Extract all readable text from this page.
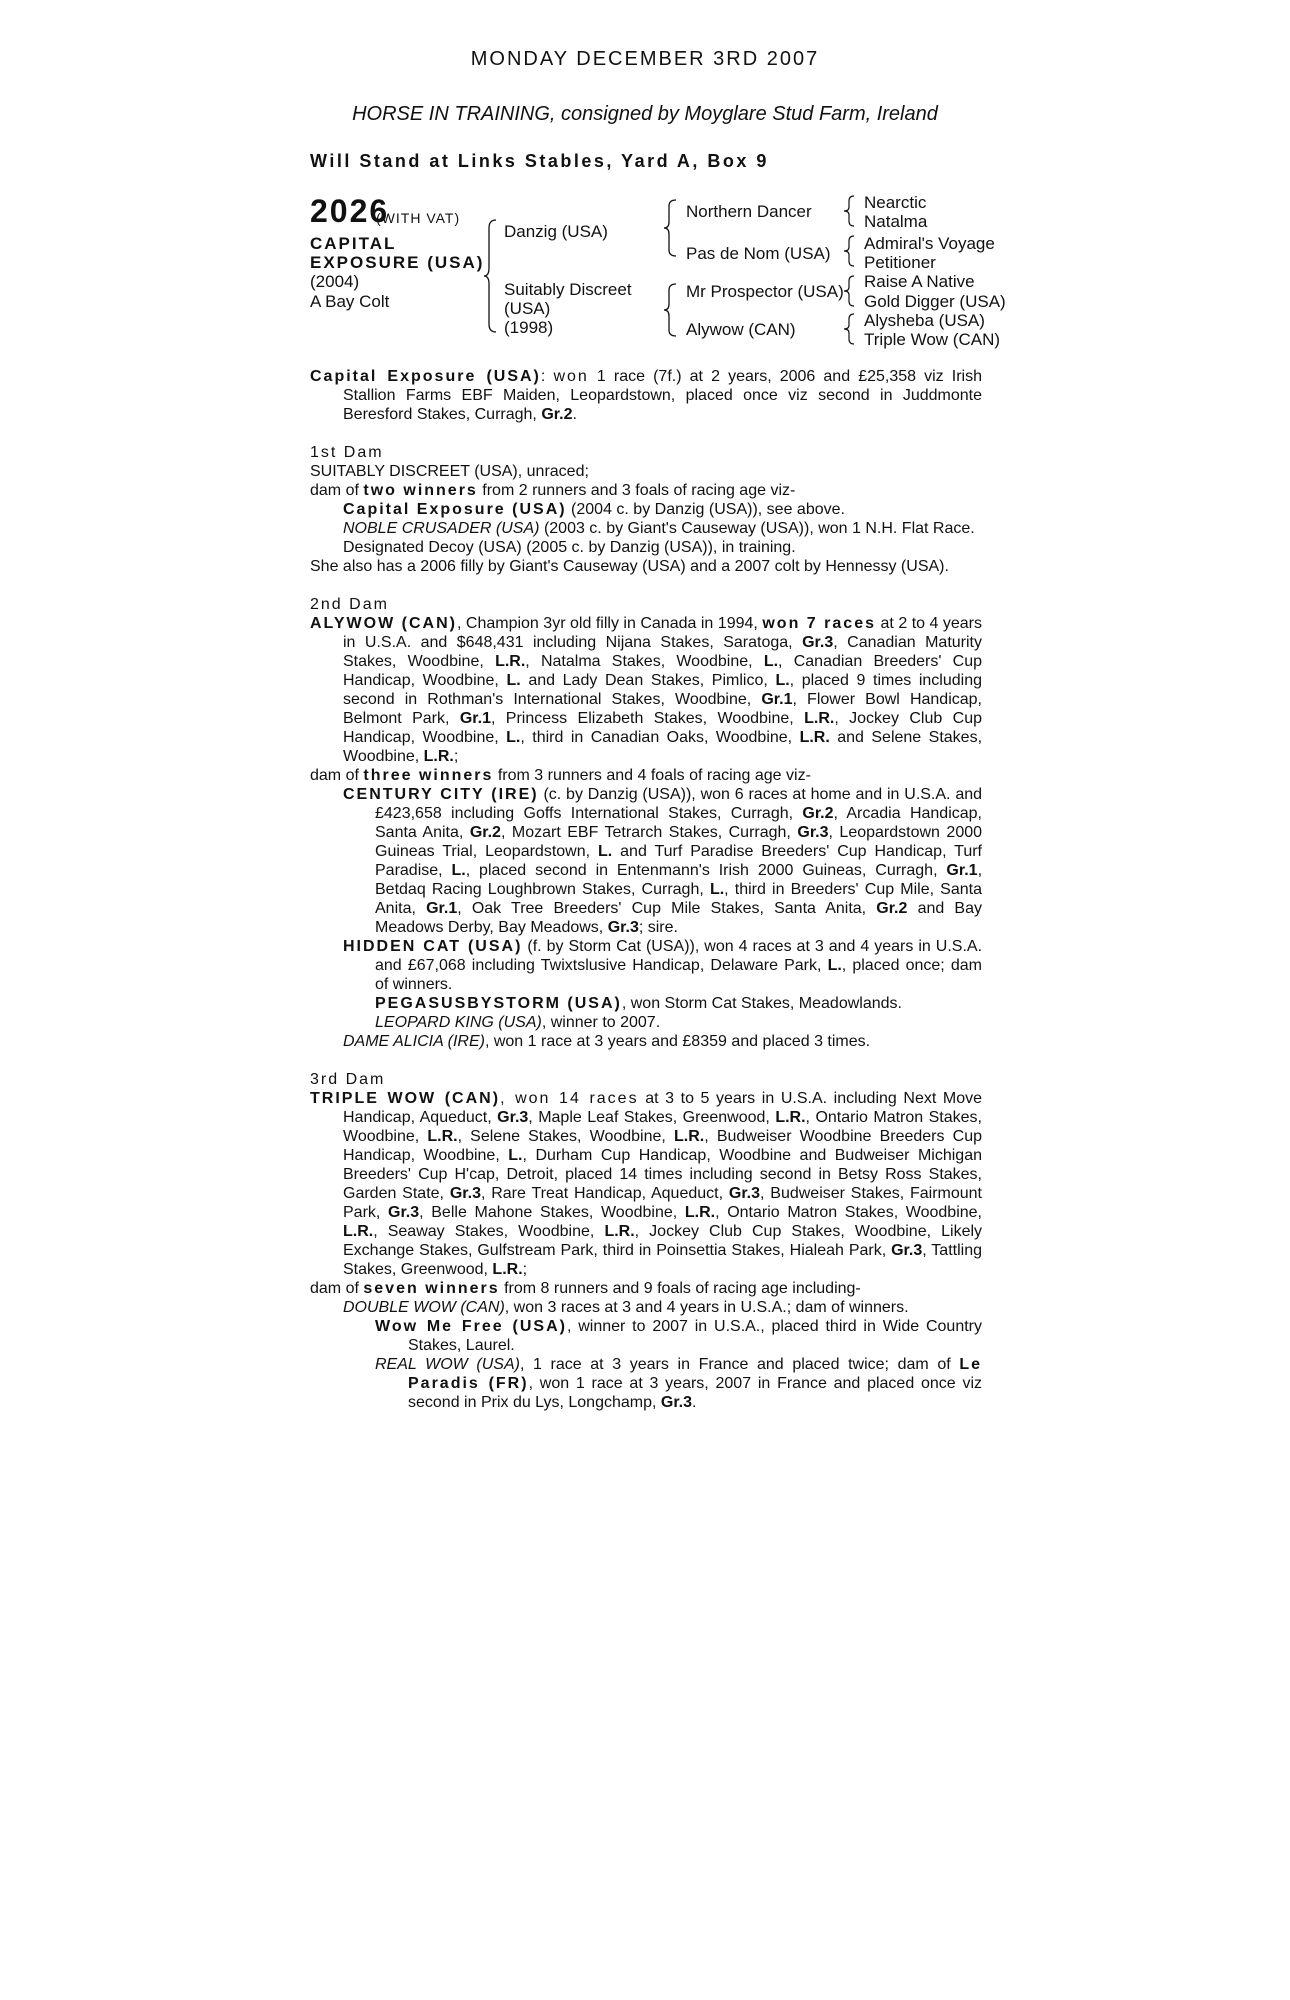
MONDAY DECEMBER 3RD 2007
HORSE IN TRAINING, consigned by Moyglare Stud Farm, Ireland
Will Stand at Links Stables, Yard A, Box 9
2026
(WITH VAT)
CAPITAL
EXPOSURE (USA)
(2004)
A Bay Colt
Danzig (USA)
Suitably Discreet
(USA)
(1998)
Northern Dancer
Pas de Nom (USA)
Mr Prospector (USA)
Alywow (CAN)
Nearctic
Natalma
Admiral's Voyage
Petitioner
Raise A Native
Gold Digger (USA)
Alysheba (USA)
Triple Wow (CAN)

Capital Exposure (USA): won 1 race (7f.) at 2 years, 2006 and £25,358 viz Irish Stallion Farms EBF Maiden, Leopardstown, placed once viz second in Juddmonte Beresford Stakes, Curragh, Gr.2.

1st Dam

SUITABLY DISCREET (USA), unraced;

dam of two winners from 2 runners and 3 foals of racing age viz-

Capital Exposure (USA) (2004 c. by Danzig (USA)), see above.

NOBLE CRUSADER (USA) (2003 c. by Giant's Causeway (USA)), won 1 N.H. Flat Race.

Designated Decoy (USA) (2005 c. by Danzig (USA)), in training.

She also has a 2006 filly by Giant's Causeway (USA) and a 2007 colt by Hennessy (USA).

2nd Dam

ALYWOW (CAN), Champion 3yr old filly in Canada in 1994, won 7 races at 2 to 4 years in U.S.A. and $648,431 including Nijana Stakes, Saratoga, Gr.3, Canadian Maturity Stakes, Woodbine, L.R., Natalma Stakes, Woodbine, L., Canadian Breeders' Cup Handicap, Woodbine, L. and Lady Dean Stakes, Pimlico, L., placed 9 times including second in Rothman's International Stakes, Woodbine, Gr.1, Flower Bowl Handicap, Belmont Park, Gr.1, Princess Elizabeth Stakes, Woodbine, L.R., Jockey Club Cup Handicap, Woodbine, L., third in Canadian Oaks, Woodbine, L.R. and Selene Stakes, Woodbine, L.R.;

dam of three winners from 3 runners and 4 foals of racing age viz-

CENTURY CITY (IRE) (c. by Danzig (USA)), won 6 races at home and in U.S.A. and £423,658 including Goffs International Stakes, Curragh, Gr.2, Arcadia Handicap, Santa Anita, Gr.2, Mozart EBF Tetrarch Stakes, Curragh, Gr.3, Leopardstown 2000 Guineas Trial, Leopardstown, L. and Turf Paradise Breeders' Cup Handicap, Turf Paradise, L., placed second in Entenmann's Irish 2000 Guineas, Curragh, Gr.1, Betdaq Racing Loughbrown Stakes, Curragh, L., third in Breeders' Cup Mile, Santa Anita, Gr.1, Oak Tree Breeders' Cup Mile Stakes, Santa Anita, Gr.2 and Bay Meadows Derby, Bay Meadows, Gr.3; sire.

HIDDEN CAT (USA) (f. by Storm Cat (USA)), won 4 races at 3 and 4 years in U.S.A. and £67,068 including Twixtslusive Handicap, Delaware Park, L., placed once; dam of winners.

PEGASUSBYSTORM (USA), won Storm Cat Stakes, Meadowlands.

LEOPARD KING (USA), winner to 2007.

DAME ALICIA (IRE), won 1 race at 3 years and £8359 and placed 3 times.

3rd Dam

TRIPLE WOW (CAN), won 14 races at 3 to 5 years in U.S.A. including Next Move Handicap, Aqueduct, Gr.3, Maple Leaf Stakes, Greenwood, L.R., Ontario Matron Stakes, Woodbine, L.R., Selene Stakes, Woodbine, L.R., Budweiser Woodbine Breeders Cup Handicap, Woodbine, L., Durham Cup Handicap, Woodbine and Budweiser Michigan Breeders' Cup H'cap, Detroit, placed 14 times including second in Betsy Ross Stakes, Garden State, Gr.3, Rare Treat Handicap, Aqueduct, Gr.3, Budweiser Stakes, Fairmount Park, Gr.3, Belle Mahone Stakes, Woodbine, L.R., Ontario Matron Stakes, Woodbine, L.R., Seaway Stakes, Woodbine, L.R., Jockey Club Cup Stakes, Woodbine, Likely Exchange Stakes, Gulfstream Park, third in Poinsettia Stakes, Hialeah Park, Gr.3, Tattling Stakes, Greenwood, L.R.;

dam of seven winners from 8 runners and 9 foals of racing age including-

DOUBLE WOW (CAN), won 3 races at 3 and 4 years in U.S.A.; dam of winners.

Wow Me Free (USA), winner to 2007 in U.S.A., placed third in Wide Country Stakes, Laurel.

REAL WOW (USA), 1 race at 3 years in France and placed twice; dam of Le Paradis (FR), won 1 race at 3 years, 2007 in France and placed once viz second in Prix du Lys, Longchamp, Gr.3.
